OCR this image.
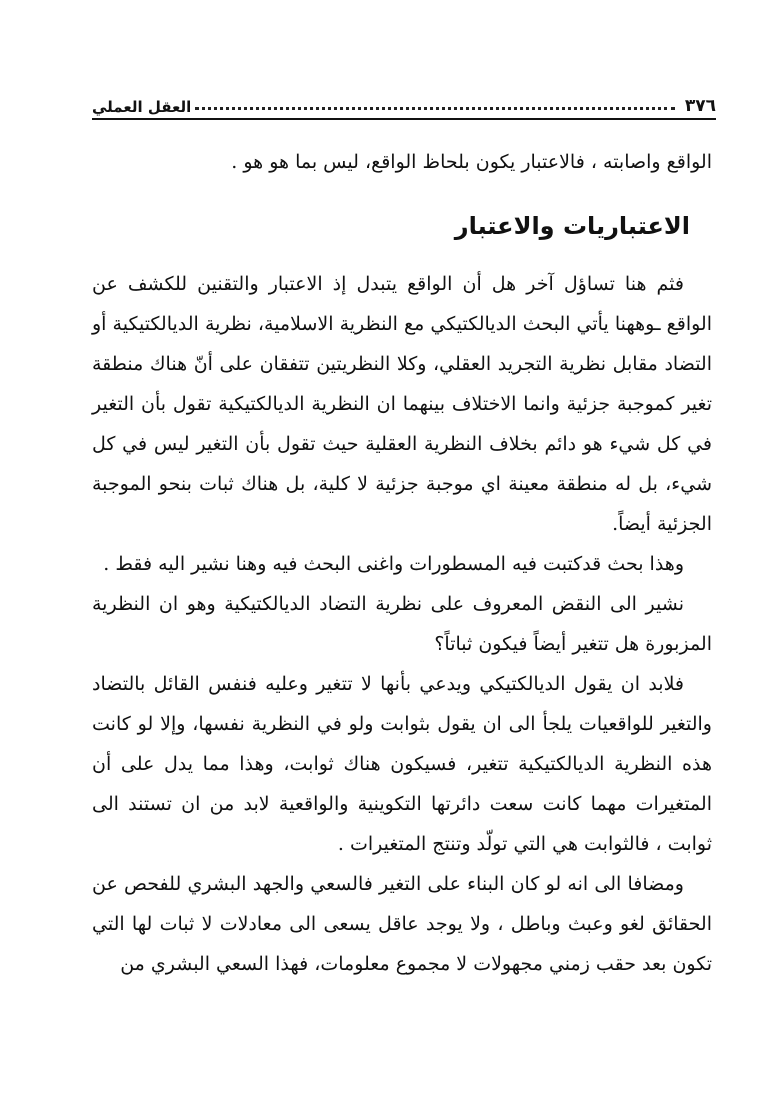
٣٧٦
العقل العملي

الواقع واصابته ، فالاعتبار يكون بلحاظ الواقع، ليس بما هو هو .

الاعتباريات والاعتبار

فثم هنا تساؤل آخر هل أن الواقع يتبدل إذ الاعتبار والتقنين للكشف عن الواقع ـوههنا يأتي البحث الديالكتيكي مع النظرية الاسلامية، نظرية الديالكتيكية أو التضاد مقابل نظرية التجريد العقلي، وكلا النظريتين تتفقان على أنّ هناك منطقة تغير كموجبة جزئية وانما الاختلاف بينهما ان النظرية الديالكتيكية تقول بأن التغير في كل شيء هو دائم بخلاف النظرية العقلية حيث تقول بأن التغير ليس في كل شيء، بل له منطقة معينة اي موجبة جزئية لا كلية، بل هناك ثبات بنحو الموجبة الجزئية أيضاً.

وهذا بحث قدكتبت فيه المسطورات واغنى البحث فيه وهنا نشير اليه فقط .

نشير الى النقض المعروف على نظرية التضاد الديالكتيكية وهو ان النظرية المزبورة هل تتغير أيضاً فيكون ثباتاً؟

فلابد ان يقول الديالكتيكي ويدعي بأنها لا تتغير وعليه فنفس القائل بالتضاد والتغير للواقعيات يلجأ الى ان يقول بثوابت ولو في النظرية نفسها، وإلا لو كانت هذه النظرية الديالكتيكية تتغير، فسيكون هناك ثوابت، وهذا مما يدل على أن المتغيرات مهما كانت سعت دائرتها التكوينية والواقعية لابد من ان تستند الى ثوابت ، فالثوابت هي التي تولّد وتنتج المتغيرات .

ومضافا الى انه لو كان البناء على التغير فالسعي والجهد البشري للفحص عن الحقائق لغو وعبث وباطل ، ولا يوجد عاقل يسعى الى معادلات لا ثبات لها التي تكون بعد حقب زمني مجهولات لا مجموع معلومات، فهذا السعي البشري من
